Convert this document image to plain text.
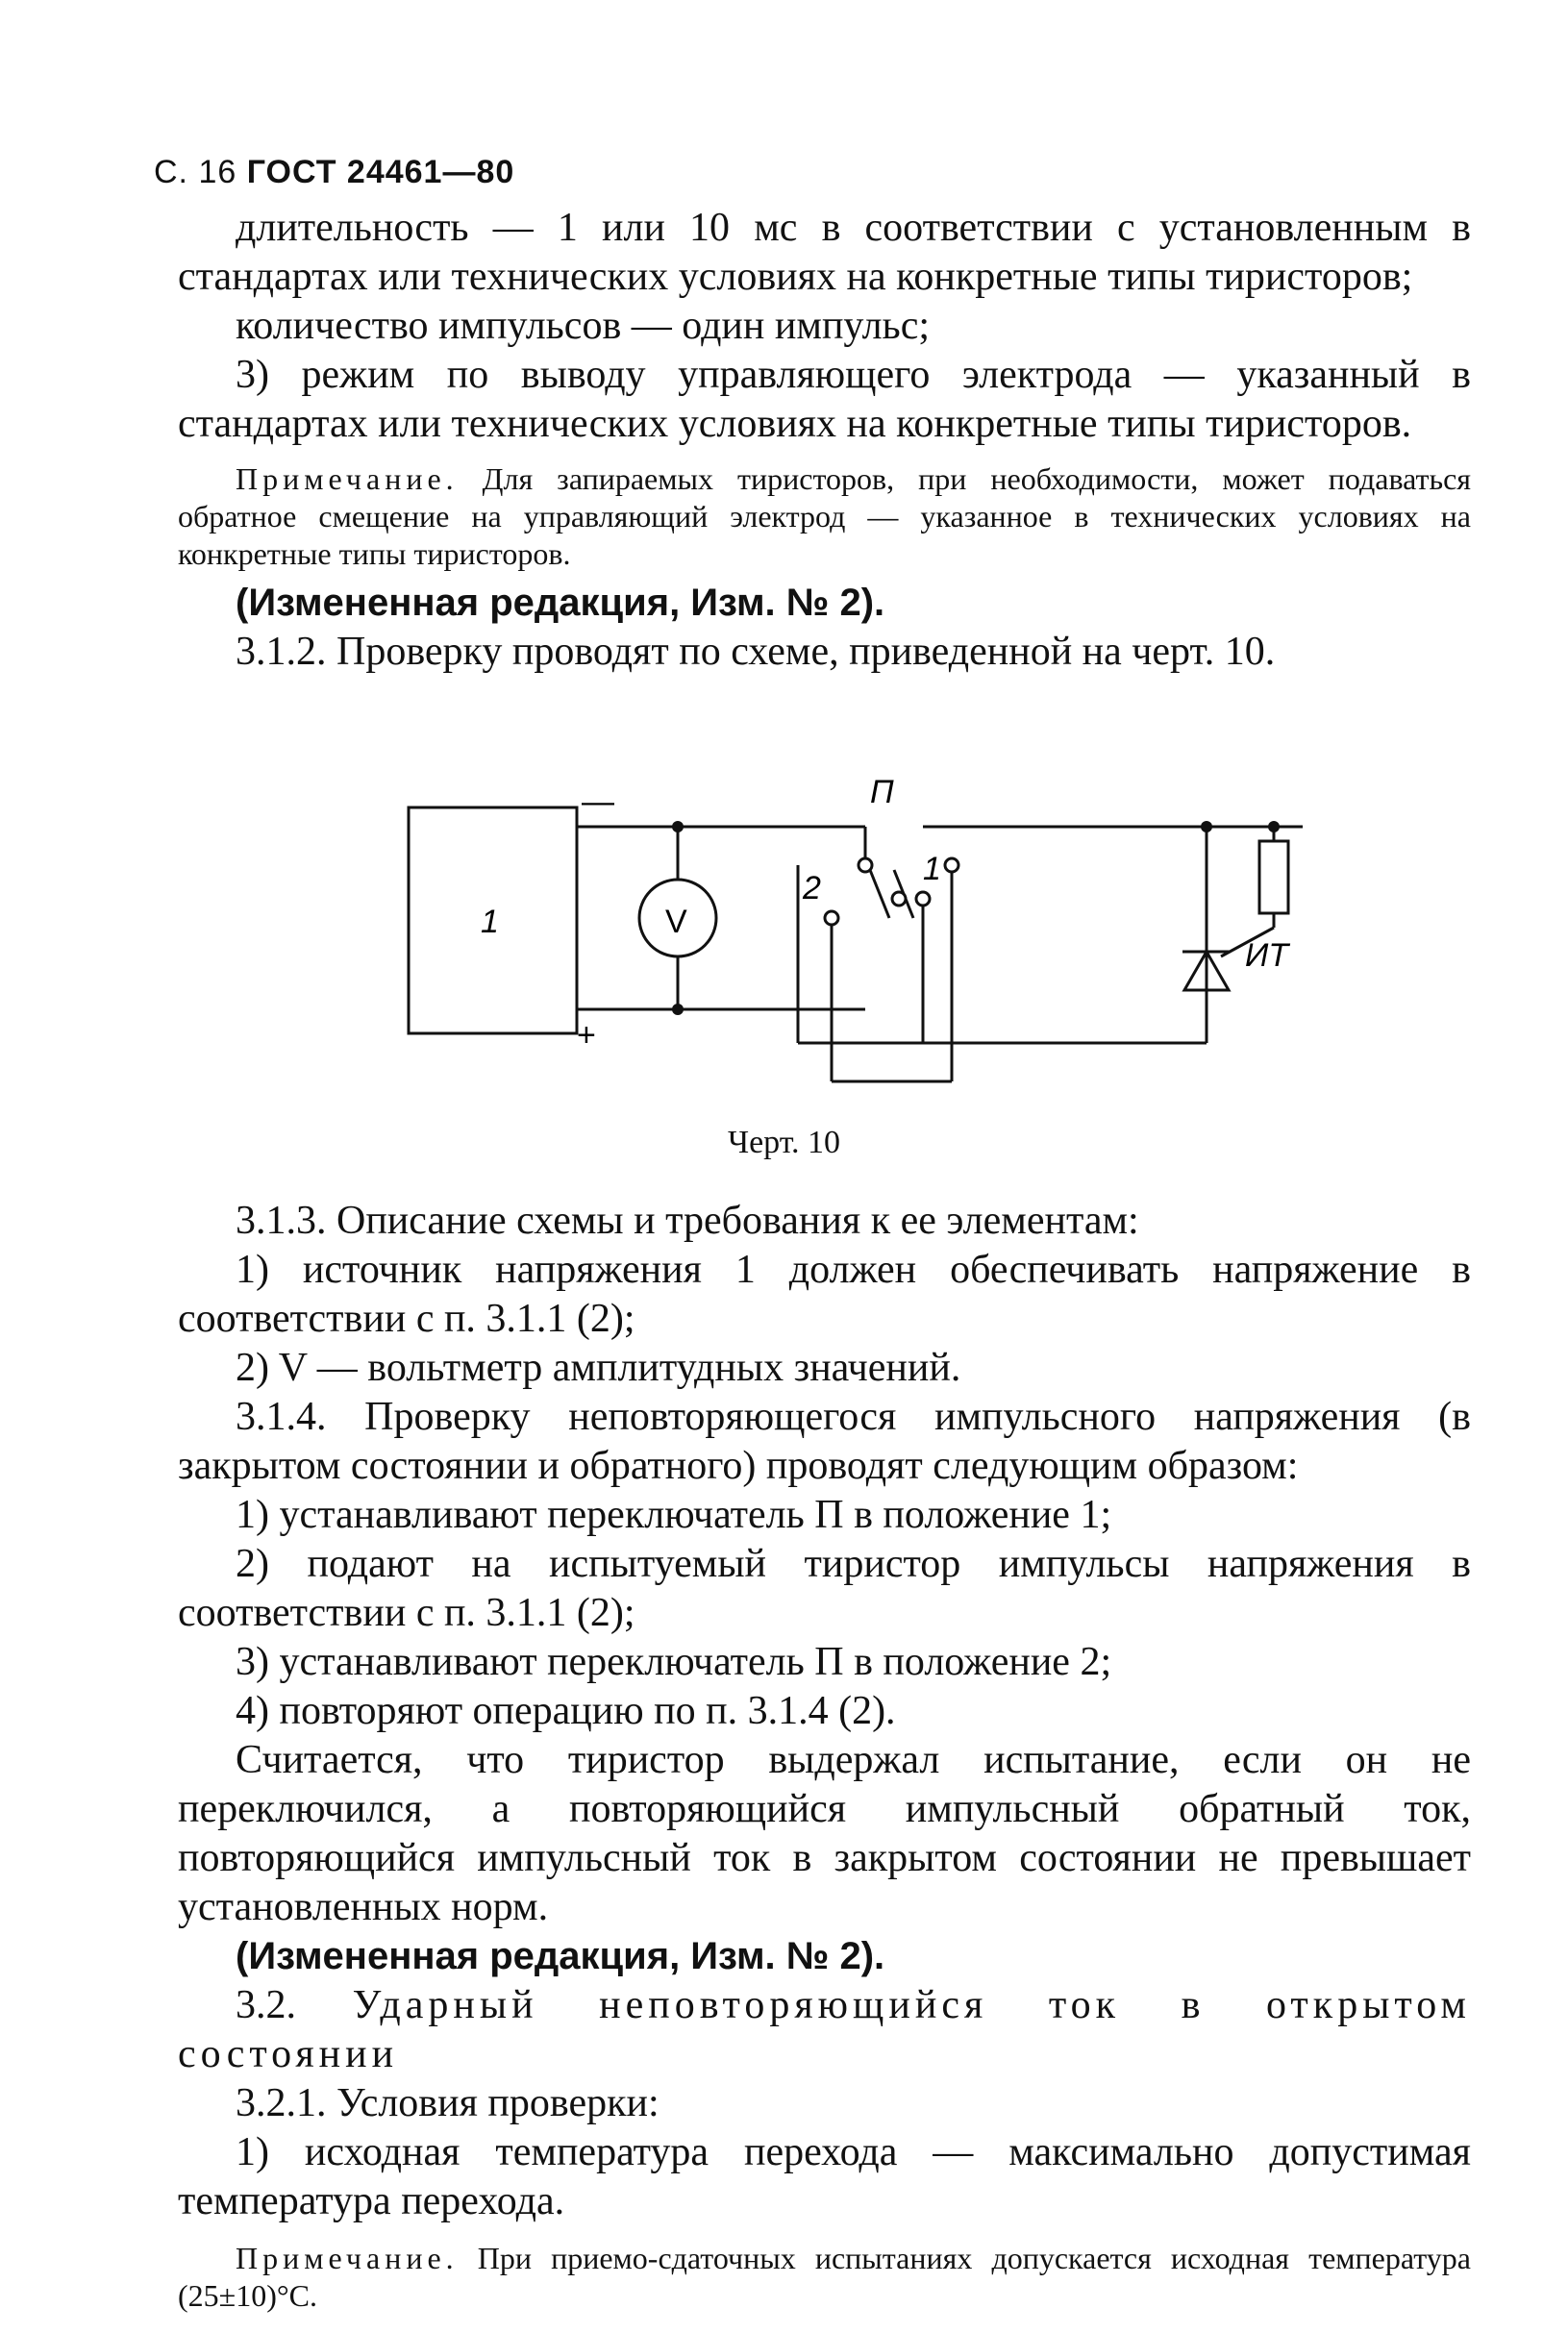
С. 16 ГОСТ 24461—80

длительность — 1 или 10 мс в соответствии с установленным в стандартах или технических условиях на конкретные типы тиристоров;

количество импульсов — один импульс;

3) режим по выводу управляющего электрода — указанный в стандартах или технических условиях на конкретные типы тиристоров.

Примечание. Для запираемых тиристоров, при необходимости, может подаваться обратное смещение на управляющий электрод — указанное в технических условиях на конкретные типы тиристоров.

(Измененная редакция, Изм. № 2).

3.1.2. Проверку проводят по схеме, приведенной на черт. 10.

1	V
П
1
2
ИТ
—
+
Черт. 10

3.1.3. Описание схемы и требования к ее элементам:

1) источник напряжения 1 должен обеспечивать напряжение в соответствии с п. 3.1.1 (2);

2) V — вольтметр амплитудных значений.

3.1.4. Проверку неповторяющегося импульсного напряжения (в закрытом состоянии и обратного) проводят следующим образом:

1) устанавливают переключатель П в положение 1;

2) подают на испытуемый тиристор импульсы напряжения в соответствии с п. 3.1.1 (2);

3) устанавливают переключатель П в положение 2;

4) повторяют операцию по п. 3.1.4 (2).

Считается, что тиристор выдержал испытание, если он не переключился, а повторяющийся импульсный обратный ток, повторяющийся импульсный ток в закрытом состоянии не превышает установленных норм.

(Измененная редакция, Изм. № 2).

3.2. Ударный неповторяющийся ток в открытом состоянии

3.2.1. Условия проверки:

1) исходная температура перехода — максимально допустимая температура перехода.

Примечание. При приемо-сдаточных испытаниях допускается исходная температура (25±10)°С.
